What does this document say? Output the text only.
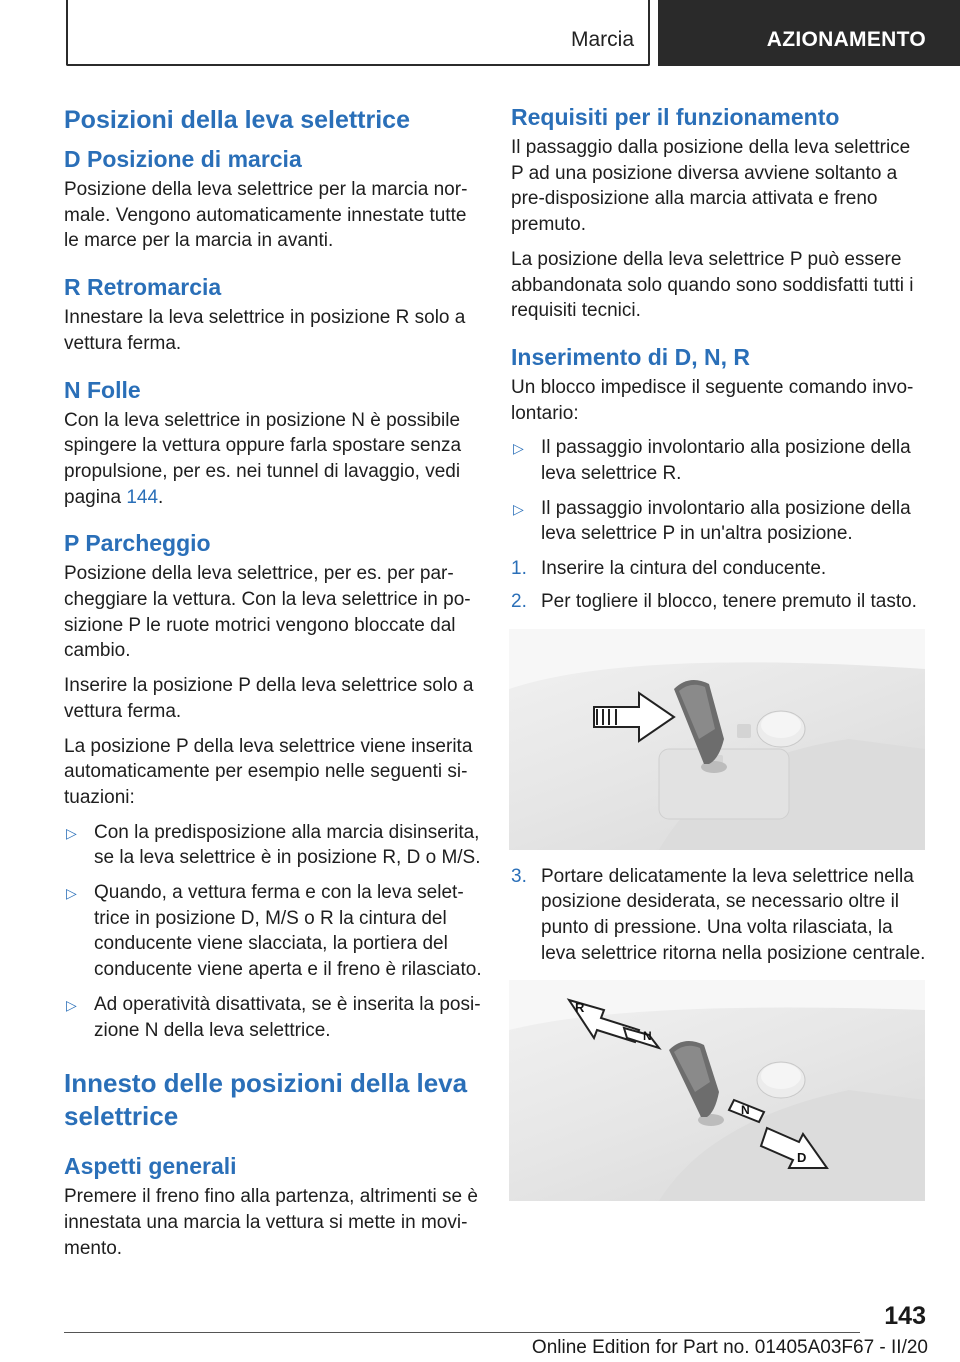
Marcia	AZIONAMENTO
Posizioni della leva selettrice
D Posizione di marcia

Posizione della leva selettrice per la marcia nor-male. Vengono automaticamente innestate tutte le marce per la marcia in avanti.

R Retromarcia

Innestare la leva selettrice in posizione R solo a vettura ferma.

N Folle

Con la leva selettrice in posizione N è possibile spingere la vettura oppure farla spostare senza propulsione, per es. nei tunnel di lavaggio, vedi pagina 144.

P Parcheggio

Posizione della leva selettrice, per es. per par-cheggiare la vettura. Con la leva selettrice in po-sizione P le ruote motrici vengono bloccate dal cambio.

Inserire la posizione P della leva selettrice solo a vettura ferma.

La posizione P della leva selettrice viene inserita automaticamente per esempio nelle seguenti si-tuazioni:

▷ Con la predisposizione alla marcia disinserita, se la leva selettrice è in posizione R, D o M/S.
▷ Quando, a vettura ferma e con la leva selet-trice in posizione D, M/S o R la cintura del conducente viene slacciata, la portiera del conducente viene aperta e il freno è rilasciato.
▷ Ad operatività disattivata, se è inserita la posi-zione N della leva selettrice.
Innesto delle posizioni della leva selettrice
Aspetti generali

Premere il freno fino alla partenza, altrimenti se è innestata una marcia la vettura si mette in movi-mento.

Requisiti per il funzionamento

Il passaggio dalla posizione della leva selettrice P ad una posizione diversa avviene soltanto a pre-disposizione alla marcia attivata e freno premuto.

La posizione della leva selettrice P può essere abbandonata solo quando sono soddisfatti tutti i requisiti tecnici.

Inserimento di D, N, R

Un blocco impedisce il seguente comando invo-lontario:

▷ Il passaggio involontario alla posizione della leva selettrice R.
▷ Il passaggio involontario alla posizione della leva selettrice P in un'altra posizione.
1. Inserire la cintura del conducente.
2. Per togliere il blocco, tenere premuto il tasto.
3. Portare delicatamente la leva selettrice nella posizione desiderata, se necessario oltre il punto di pressione. Una volta rilasciata, la leva selettrice ritorna nella posizione centrale.
R
N
N
D
143
Online Edition for Part no. 01405A03F67 - II/20
